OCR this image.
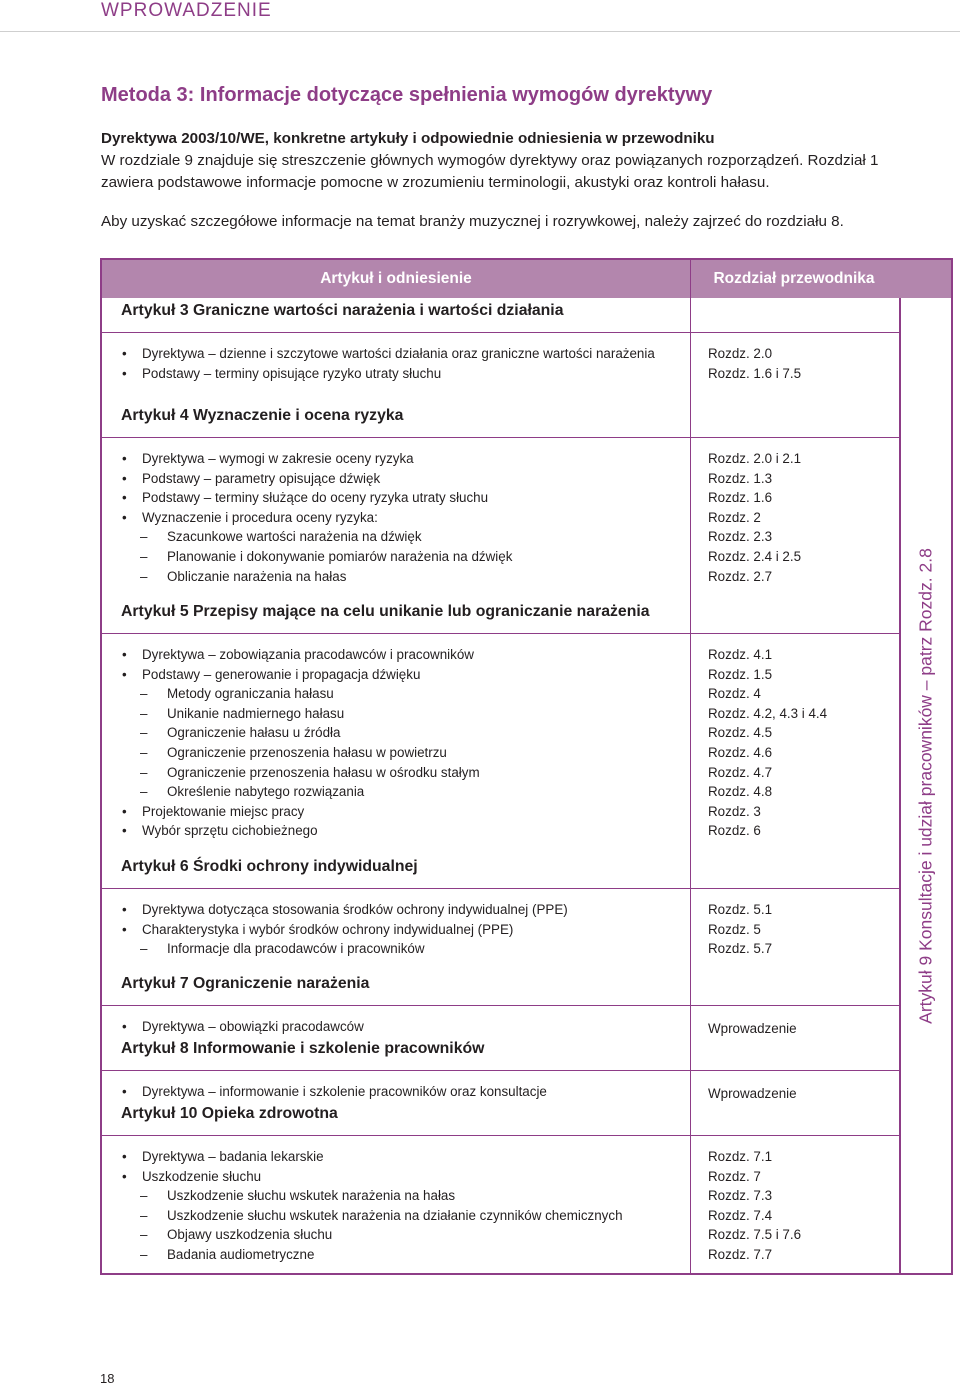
WPROWADZENIE
Metoda 3: Informacje dotyczące spełnienia wymogów dyrektywy

Dyrektywa 2003/10/WE, konkretne artykuły i odpowiednie odniesienia w przewodniku

W rozdziale 9 znajduje się streszczenie głównych wymogów dyrektywy oraz powiązanych rozporządzeń. Rozdział 1

zawiera podstawowe informacje pomocne w zrozumieniu terminologii, akustyki oraz kontroli hałasu.

Aby uzyskać szczegółowe informacje na temat branży muzycznej i rozrywkowej, należy zajrzeć do rozdziału 8.

Artykuł i odniesienie	Rozdział przewodnika
Artykuł 9 Konsultacje i udział pracowników – patrz Rozdz. 2.8
Artykuł 3 Graniczne wartości narażenia i wartości działania
• Dyrektywa – dzienne i szczytowe wartości działania oraz graniczne wartości narażenia	Rozdz. 2.0
• Podstawy – terminy opisujące ryzyko utraty słuchu	Rozdz. 1.6 i 7.5
Artykuł 4 Wyznaczenie i ocena ryzyka
• Dyrektywa – wymogi w zakresie oceny ryzyka	Rozdz. 2.0 i 2.1
• Podstawy – parametry opisujące dźwięk	Rozdz. 1.3
• Podstawy – terminy służące do oceny ryzyka utraty słuchu	Rozdz. 1.6
• Wyznaczenie i procedura oceny ryzyka:	Rozdz. 2
– Szacunkowe wartości narażenia na dźwięk	Rozdz. 2.3
– Planowanie i dokonywanie pomiarów narażenia na dźwięk	Rozdz. 2.4 i 2.5
– Obliczanie narażenia na hałas	Rozdz. 2.7
Artykuł 5 Przepisy mające na celu unikanie lub ograniczanie narażenia
• Dyrektywa – zobowiązania pracodawców i pracowników	Rozdz. 4.1
• Podstawy – generowanie i propagacja dźwięku	Rozdz. 1.5
– Metody ograniczania hałasu	Rozdz. 4
– Unikanie nadmiernego hałasu	Rozdz. 4.2, 4.3 i 4.4
– Ograniczenie hałasu u źródła	Rozdz. 4.5
– Ograniczenie przenoszenia hałasu w powietrzu	Rozdz. 4.6
– Ograniczenie przenoszenia hałasu w ośrodku stałym	Rozdz. 4.7
– Określenie nabytego rozwiązania	Rozdz. 4.8
• Projektowanie miejsc pracy	Rozdz. 3
• Wybór sprzętu cichobieżnego	Rozdz. 6
Artykuł 6 Środki ochrony indywidualnej
• Dyrektywa dotycząca stosowania środków ochrony indywidualnej (PPE)	Rozdz. 5.1
• Charakterystyka i wybór środków ochrony indywidualnej (PPE)	Rozdz. 5
– Informacje dla pracodawców i pracowników	Rozdz. 5.7
Artykuł 7 Ograniczenie narażenia
• Dyrektywa – obowiązki pracodawców	Wprowadzenie
Artykuł 8 Informowanie i szkolenie pracowników
• Dyrektywa – informowanie i szkolenie pracowników oraz konsultacje	Wprowadzenie
Artykuł 10 Opieka zdrowotna
• Dyrektywa – badania lekarskie	Rozdz. 7.1
• Uszkodzenie słuchu	Rozdz. 7
– Uszkodzenie słuchu wskutek narażenia na hałas	Rozdz. 7.3
– Uszkodzenie słuchu wskutek narażenia na działanie czynników chemicznych	Rozdz. 7.4
– Objawy uszkodzenia słuchu	Rozdz. 7.5 i 7.6
– Badania audiometryczne	Rozdz. 7.7
18
